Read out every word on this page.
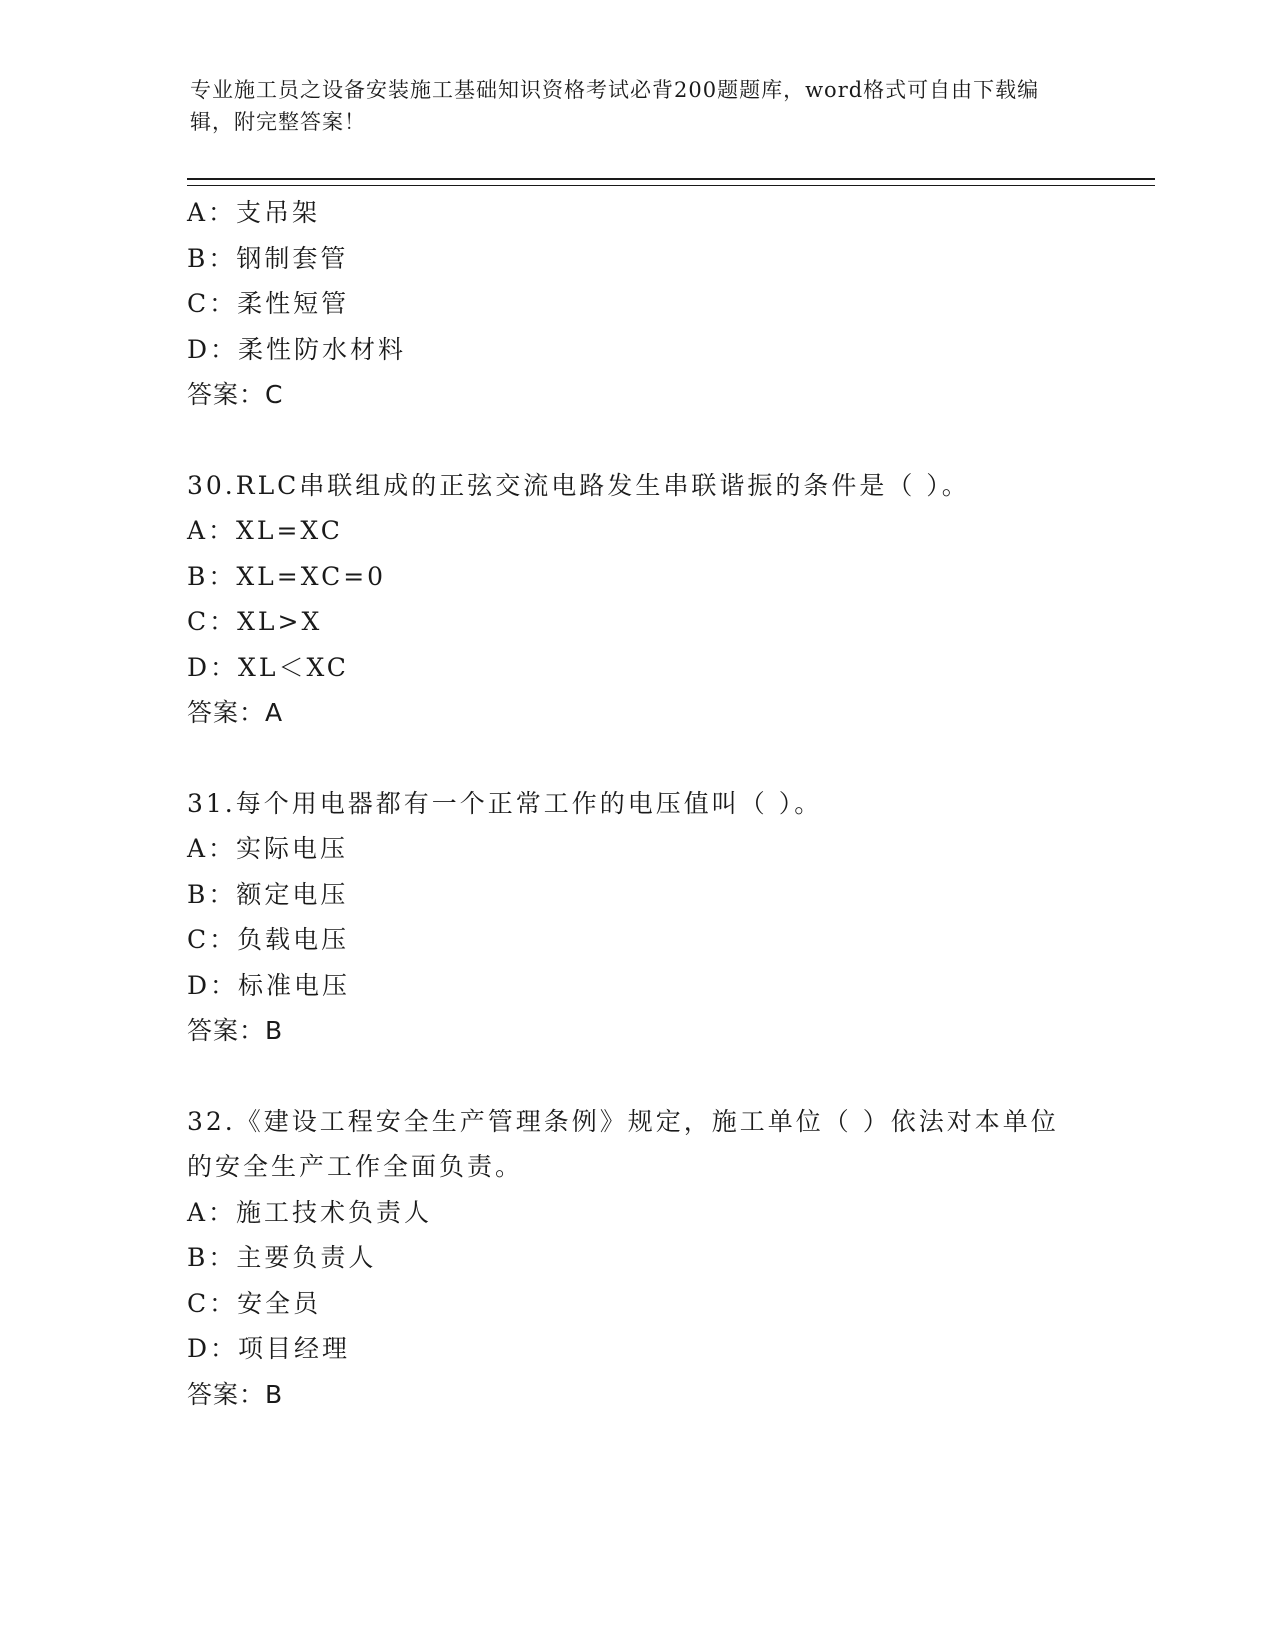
专业施工员之设备安装施工基础知识资格考试必背200题题库，word格式可自由下载编辑，附完整答案！
A：支吊架
B：钢制套管
C：柔性短管
D：柔性防水材料
答案：C
30.RLC串联组成的正弦交流电路发生串联谐振的条件是（ ）。
A：XL=XC
B：XL=XC=0
C：XL>X
D：XL＜XC
答案：A
31.每个用电器都有一个正常工作的电压值叫（ ）。
A：实际电压
B：额定电压
C：负载电压
D：标准电压
答案：B
32.《建设工程安全生产管理条例》规定，施工单位（ ）依法对本单位的安全生产工作全面负责。
A：施工技术负责人
B：主要负责人
C：安全员
D：项目经理
答案：B
